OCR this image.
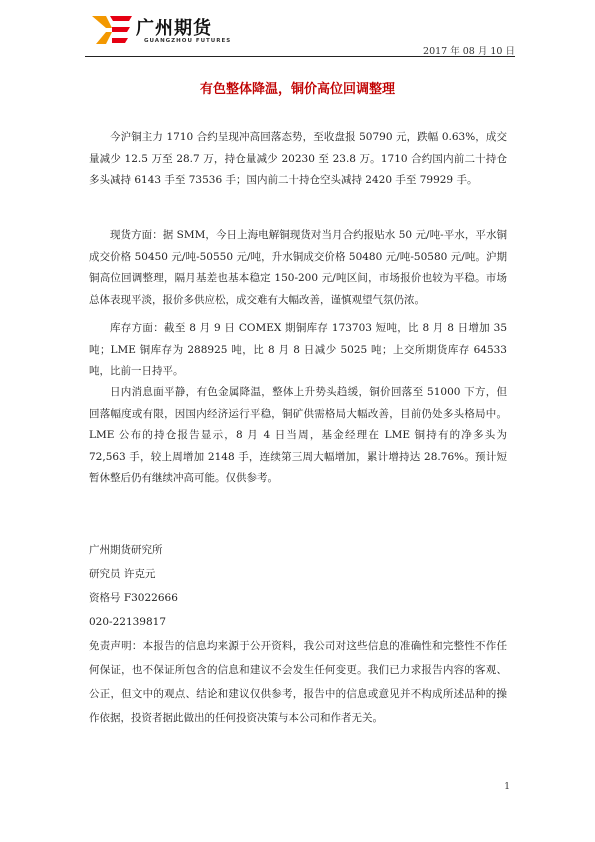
广州期货
GUANGZHOU FUTURES
2017 年 08 月 10 日
有色整体降温，铜价高位回调整理

今沪铜主力 1710 合约呈现冲高回落态势，至收盘报 50790 元，跌幅 0.63%，成交量减少 12.5 万至 28.7 万，持仓量减少 20230 至 23.8 万。1710 合约国内前二十持仓多头减持 6143 手至 73536 手；国内前二十持仓空头减持 2420 手至 79929 手。

现货方面：据 SMM，今日上海电解铜现货对当月合约报贴水 50 元/吨-平水，平水铜成交价格 50450 元/吨-50550 元/吨，升水铜成交价格 50480 元/吨-50580 元/吨。沪期铜高位回调整理，隔月基差也基本稳定 150-200 元/吨区间，市场报价也较为平稳。市场总体表现平淡，报价多供应松，成交难有大幅改善，谨慎观望气氛仍浓。

库存方面：截至 8 月 9 日 COMEX 期铜库存 173703 短吨，比 8 月 8 日增加 35 吨；LME 铜库存为 288925 吨，比 8 月 8 日减少 5025 吨；上交所期货库存 64533 吨，比前一日持平。

日内消息面平静，有色金属降温，整体上升势头趋缓，铜价回落至 51000 下方，但回落幅度或有限，因国内经济运行平稳，铜矿供需格局大幅改善，目前仍处多头格局中。LME 公布的持仓报告显示，8 月 4 日当周，基金经理在 LME 铜持有的净多头为 72,563 手，较上周增加 2148 手，连续第三周大幅增加，累计增持达 28.76%。预计短暂休整后仍有继续冲高可能。仅供参考。

广州期货研究所
研究员 许克元
资格号 F3022666
020-22139817
免责声明：本报告的信息均来源于公开资料，我公司对这些信息的准确性和完整性不作任何保证，也不保证所包含的信息和建议不会发生任何变更。我们已力求报告内容的客观、公正，但文中的观点、结论和建议仅供参考，报告中的信息或意见并不构成所述品种的操作依据，投资者据此做出的任何投资决策与本公司和作者无关。
1
